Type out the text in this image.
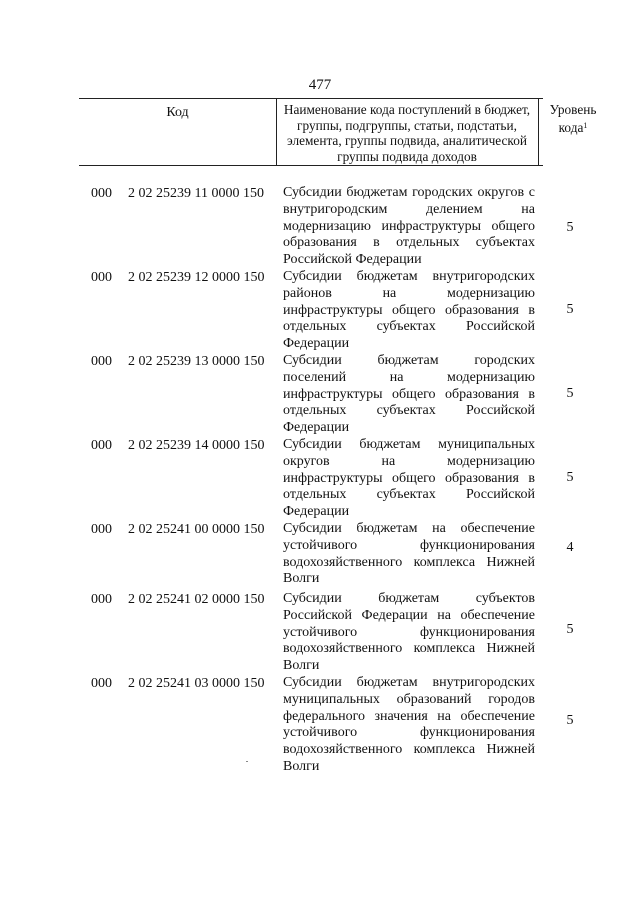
477
Код	Наименование кода поступлений в бюджет, группы, подгруппы, статьи, подстатьи, элемента, группы подвида, аналитической группы подвида доходов
Уровень кода$^1$
000 2 02 25239 11 0000 150 Субсидии бюджетам городских округов с внутригородским делением на модернизацию инфраструктуры общего образования в отдельных субъектах Российской Федерации
5
000 2 02 25239 12 0000 150 Субсидии бюджетам внутригородских районов на модернизацию инфраструктуры общего образования в отдельных субъектах Российской Федерации
5
000 2 02 25239 13 0000 150 Субсидии бюджетам городских поселений на модернизацию инфраструктуры общего образования в отдельных субъектах Российской Федерации
5
000 2 02 25239 14 0000 150 Субсидии бюджетам муниципальных округов на модернизацию инфраструктуры общего образования в отдельных субъектах Российской Федерации
5
000 2 02 25241 00 0000 150 Субсидии бюджетам на обеспечение устойчивого функционирования водохозяйственного комплекса Нижней Волги
4
000 2 02 25241 02 0000 150 Субсидии бюджетам субъектов Российской Федерации на обеспечение устойчивого функционирования водохозяйственного комплекса Нижней Волги
5
000 2 02 25241 03 0000 150 Субсидии бюджетам внутригородских муниципальных образований городов федерального значения на обеспечение устойчивого функционирования водохозяйственного комплекса Нижней Волги
5
